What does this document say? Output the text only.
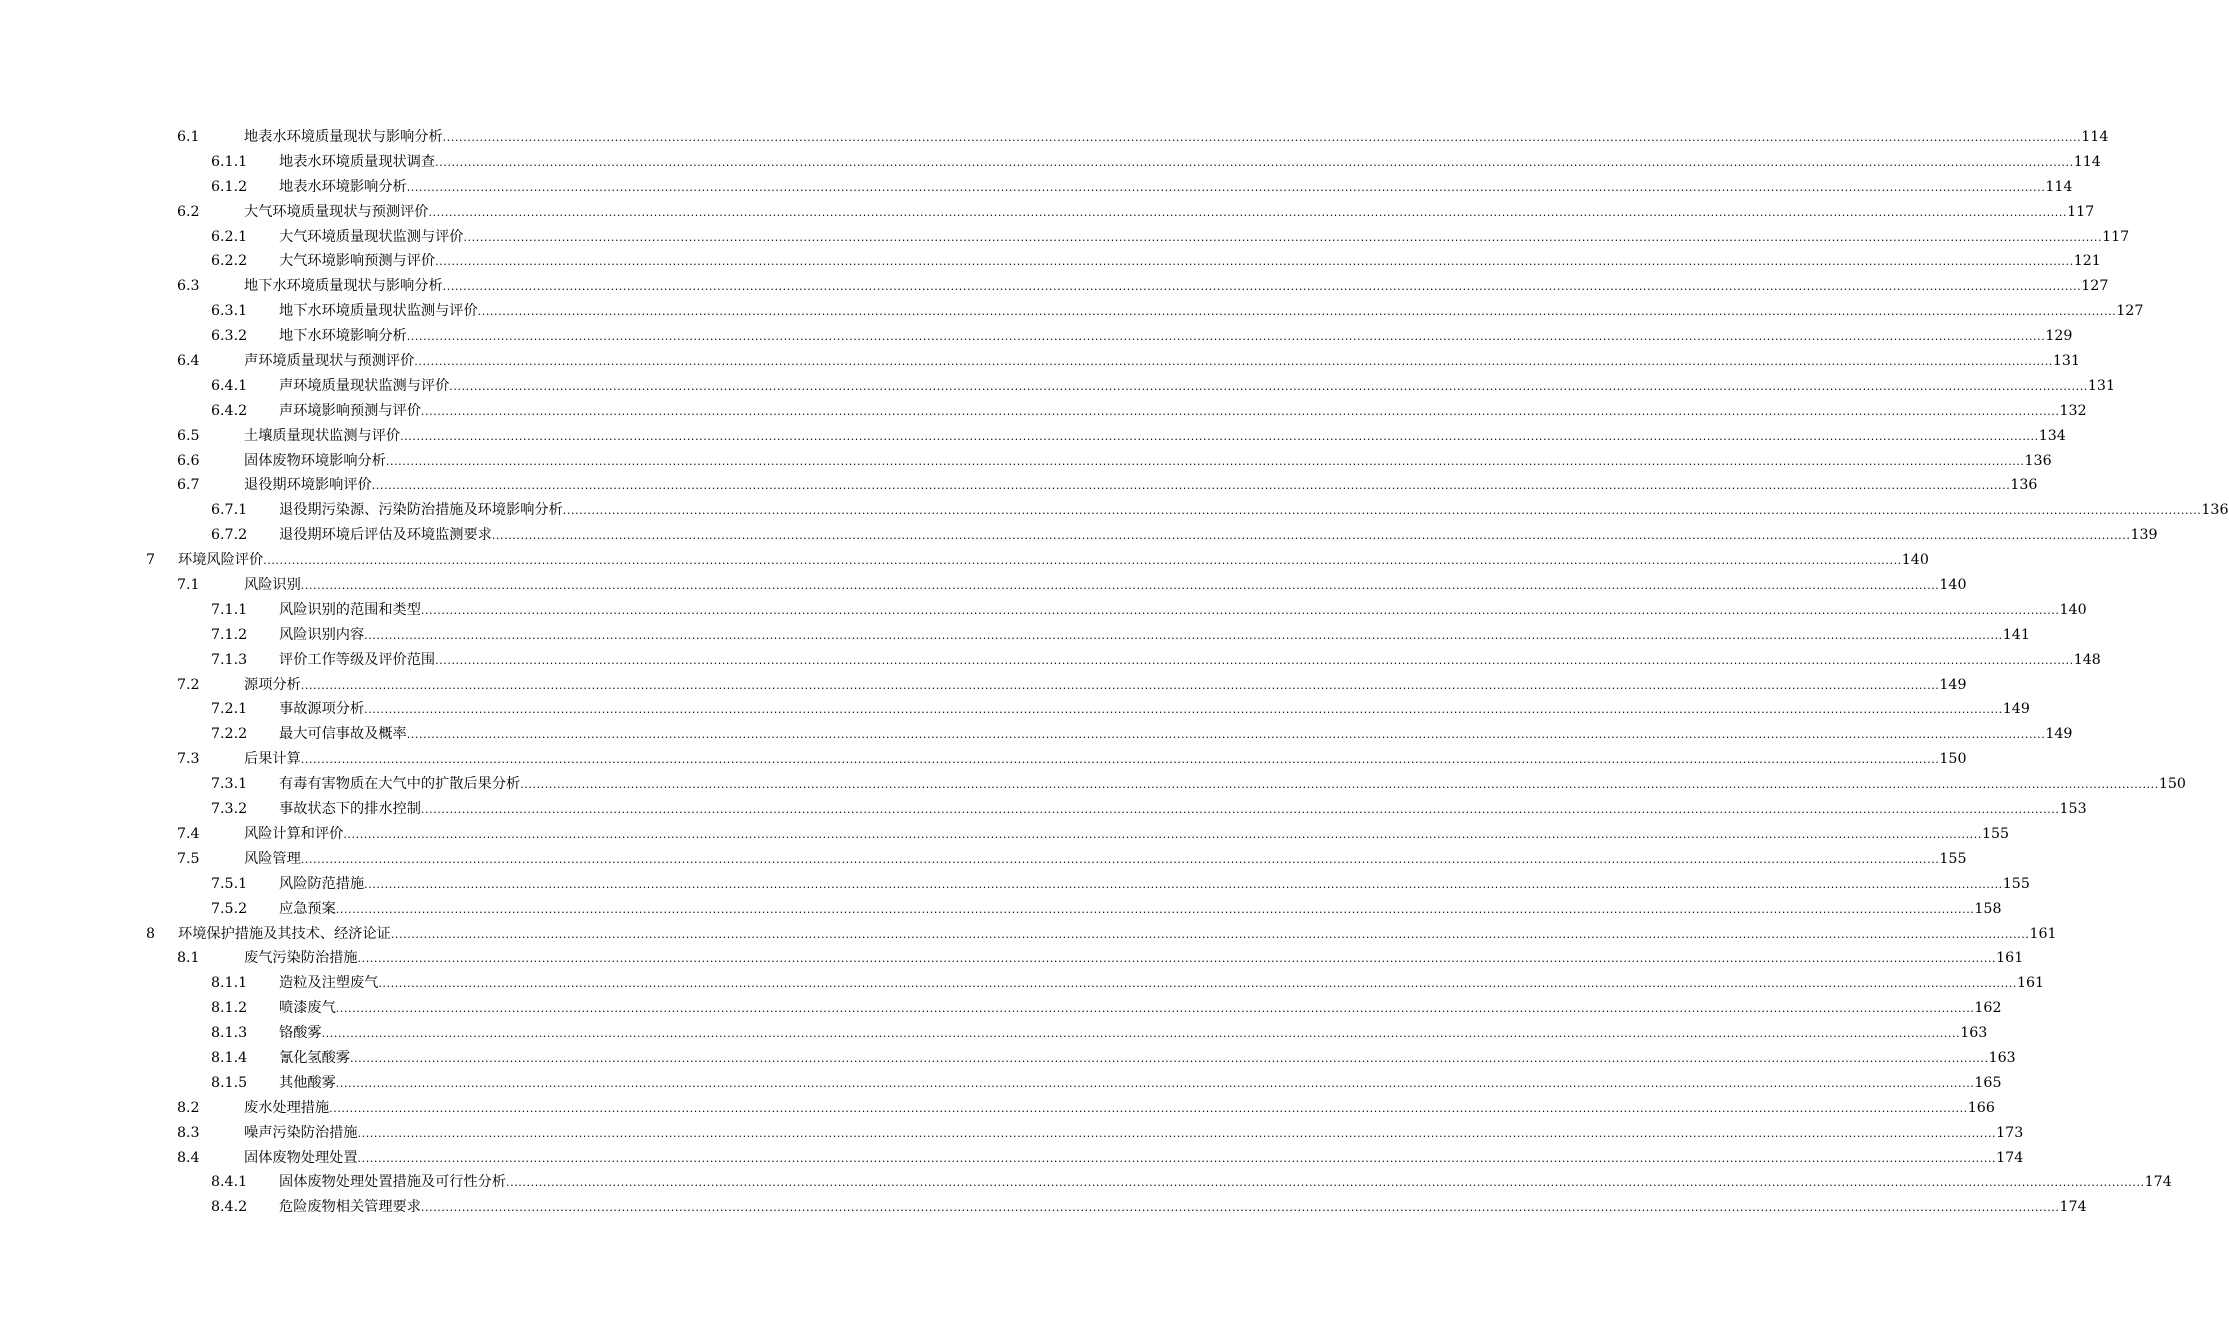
6.1	地表水环境质量现状与影响分析 ................................................................................................................................................................................................................................................................................................................................................................................................................ 114
6.1.1 地表水环境质量现状调查 ................................................................................................................................................................................................................................................................................................................................................................................................................ 114
6.1.2 地表水环境影响分析 ................................................................................................................................................................................................................................................................................................................................................................................................................ 114
6.2	大气环境质量现状与预测评价 ................................................................................................................................................................................................................................................................................................................................................................................................................ 117
6.2.1 大气环境质量现状监测与评价 ................................................................................................................................................................................................................................................................................................................................................................................................................ 117
6.2.2 大气环境影响预测与评价 ................................................................................................................................................................................................................................................................................................................................................................................................................ 121
6.3	地下水环境质量现状与影响分析 ................................................................................................................................................................................................................................................................................................................................................................................................................ 127
6.3.1 地下水环境质量现状监测与评价 ................................................................................................................................................................................................................................................................................................................................................................................................................ 127
6.3.2 地下水环境影响分析 ................................................................................................................................................................................................................................................................................................................................................................................................................ 129
6.4	声环境质量现状与预测评价 ................................................................................................................................................................................................................................................................................................................................................................................................................ 131
6.4.1 声环境质量现状监测与评价 ................................................................................................................................................................................................................................................................................................................................................................................................................ 131
6.4.2 声环境影响预测与评价 ................................................................................................................................................................................................................................................................................................................................................................................................................ 132
6.5	土壤质量现状监测与评价 ................................................................................................................................................................................................................................................................................................................................................................................................................ 134
6.6	固体废物环境影响分析 ................................................................................................................................................................................................................................................................................................................................................................................................................ 136
6.7	退役期环境影响评价 ................................................................................................................................................................................................................................................................................................................................................................................................................ 136
6.7.1 退役期污染源、污染防治措施及环境影响分析 ................................................................................................................................................................................................................................................................................................................................................................................................................ 136
6.7.2 退役期环境后评估及环境监测要求 ................................................................................................................................................................................................................................................................................................................................................................................................................ 139
7 环境风险评价 ................................................................................................................................................................................................................................................................................................................................................................................................................ 140
7.1	风险识别 ................................................................................................................................................................................................................................................................................................................................................................................................................ 140
7.1.1 风险识别的范围和类型 ................................................................................................................................................................................................................................................................................................................................................................................................................ 140
7.1.2 风险识别内容 ................................................................................................................................................................................................................................................................................................................................................................................................................ 141
7.1.3 评价工作等级及评价范围 ................................................................................................................................................................................................................................................................................................................................................................................................................ 148
7.2	源项分析 ................................................................................................................................................................................................................................................................................................................................................................................................................ 149
7.2.1 事故源项分析 ................................................................................................................................................................................................................................................................................................................................................................................................................ 149
7.2.2 最大可信事故及概率 ................................................................................................................................................................................................................................................................................................................................................................................................................ 149
7.3	后果计算 ................................................................................................................................................................................................................................................................................................................................................................................................................ 150
7.3.1 有毒有害物质在大气中的扩散后果分析 ................................................................................................................................................................................................................................................................................................................................................................................................................ 150
7.3.2 事故状态下的排水控制 ................................................................................................................................................................................................................................................................................................................................................................................................................ 153
7.4	风险计算和评价 ................................................................................................................................................................................................................................................................................................................................................................................................................ 155
7.5	风险管理 ................................................................................................................................................................................................................................................................................................................................................................................................................ 155
7.5.1 风险防范措施 ................................................................................................................................................................................................................................................................................................................................................................................................................ 155
7.5.2 应急预案 ................................................................................................................................................................................................................................................................................................................................................................................................................ 158
8 环境保护措施及其技术、经济论证 ................................................................................................................................................................................................................................................................................................................................................................................................................ 161
8.1	废气污染防治措施 ................................................................................................................................................................................................................................................................................................................................................................................................................ 161
8.1.1 造粒及注塑废气 ................................................................................................................................................................................................................................................................................................................................................................................................................ 161
8.1.2 喷漆废气 ................................................................................................................................................................................................................................................................................................................................................................................................................ 162
8.1.3 铬酸雾 ................................................................................................................................................................................................................................................................................................................................................................................................................ 163
8.1.4 氰化氢酸雾 ................................................................................................................................................................................................................................................................................................................................................................................................................ 163
8.1.5 其他酸雾 ................................................................................................................................................................................................................................................................................................................................................................................................................ 165
8.2	废水处理措施 ................................................................................................................................................................................................................................................................................................................................................................................................................ 166
8.3	噪声污染防治措施 ................................................................................................................................................................................................................................................................................................................................................................................................................ 173
8.4	固体废物处理处置 ................................................................................................................................................................................................................................................................................................................................................................................................................ 174
8.4.1 固体废物处理处置措施及可行性分析 ................................................................................................................................................................................................................................................................................................................................................................................................................ 174
8.4.2 危险废物相关管理要求 ................................................................................................................................................................................................................................................................................................................................................................................................................ 174
